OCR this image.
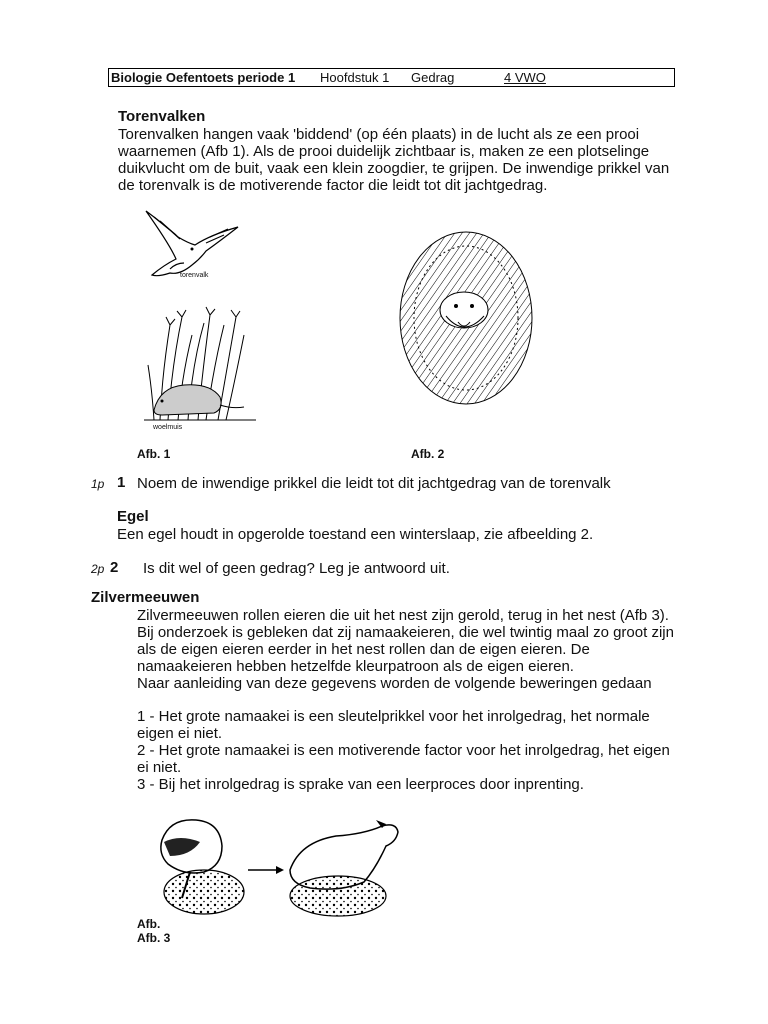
Biologie Oefentoets periode 1 Hoofdstuk 1 Gedrag	4 VWO
Torenvalken
Torenvalken hangen vaak 'biddend' (op één plaats) in de lucht als ze een prooi waarnemen (Afb 1). Als de prooi duidelijk zichtbaar is, maken ze een plotselinge duikvlucht om de buit, vaak een klein zoogdier, te grijpen. De inwendige prikkel van de torenvalk is de motiverende factor die leidt tot dit jachtgedrag.
torenvalk
woelmuis
Afb. 1	Afb. 2
1p 1 Noem de inwendige prikkel die leidt tot dit jachtgedrag van de torenvalk
Egel
Een egel houdt in opgerolde toestand een winterslaap, zie afbeelding 2.
2p 2 Is dit wel of geen gedrag? Leg je antwoord uit.
Zilvermeeuwen
Zilvermeeuwen rollen eieren die uit het nest zijn gerold, terug in het nest (Afb 3). Bij onderzoek is gebleken dat zij namaakeieren, die wel twintig maal zo groot zijn als de eigen eieren eerder in het nest rollen dan de eigen eieren. De namaakeieren hebben hetzelfde kleurpatroon als de eigen eieren.
Naar aanleiding van deze gegevens worden de volgende beweringen gedaan
1 - Het grote namaakei is een sleutelprikkel voor het inrolgedrag, het normale eigen ei niet.
2 - Het grote namaakei is een motiverende factor voor het inrolgedrag, het eigen ei niet.
3 - Bij het inrolgedrag is sprake van een leerproces door inprenting.
Afb.
Afb. 3
